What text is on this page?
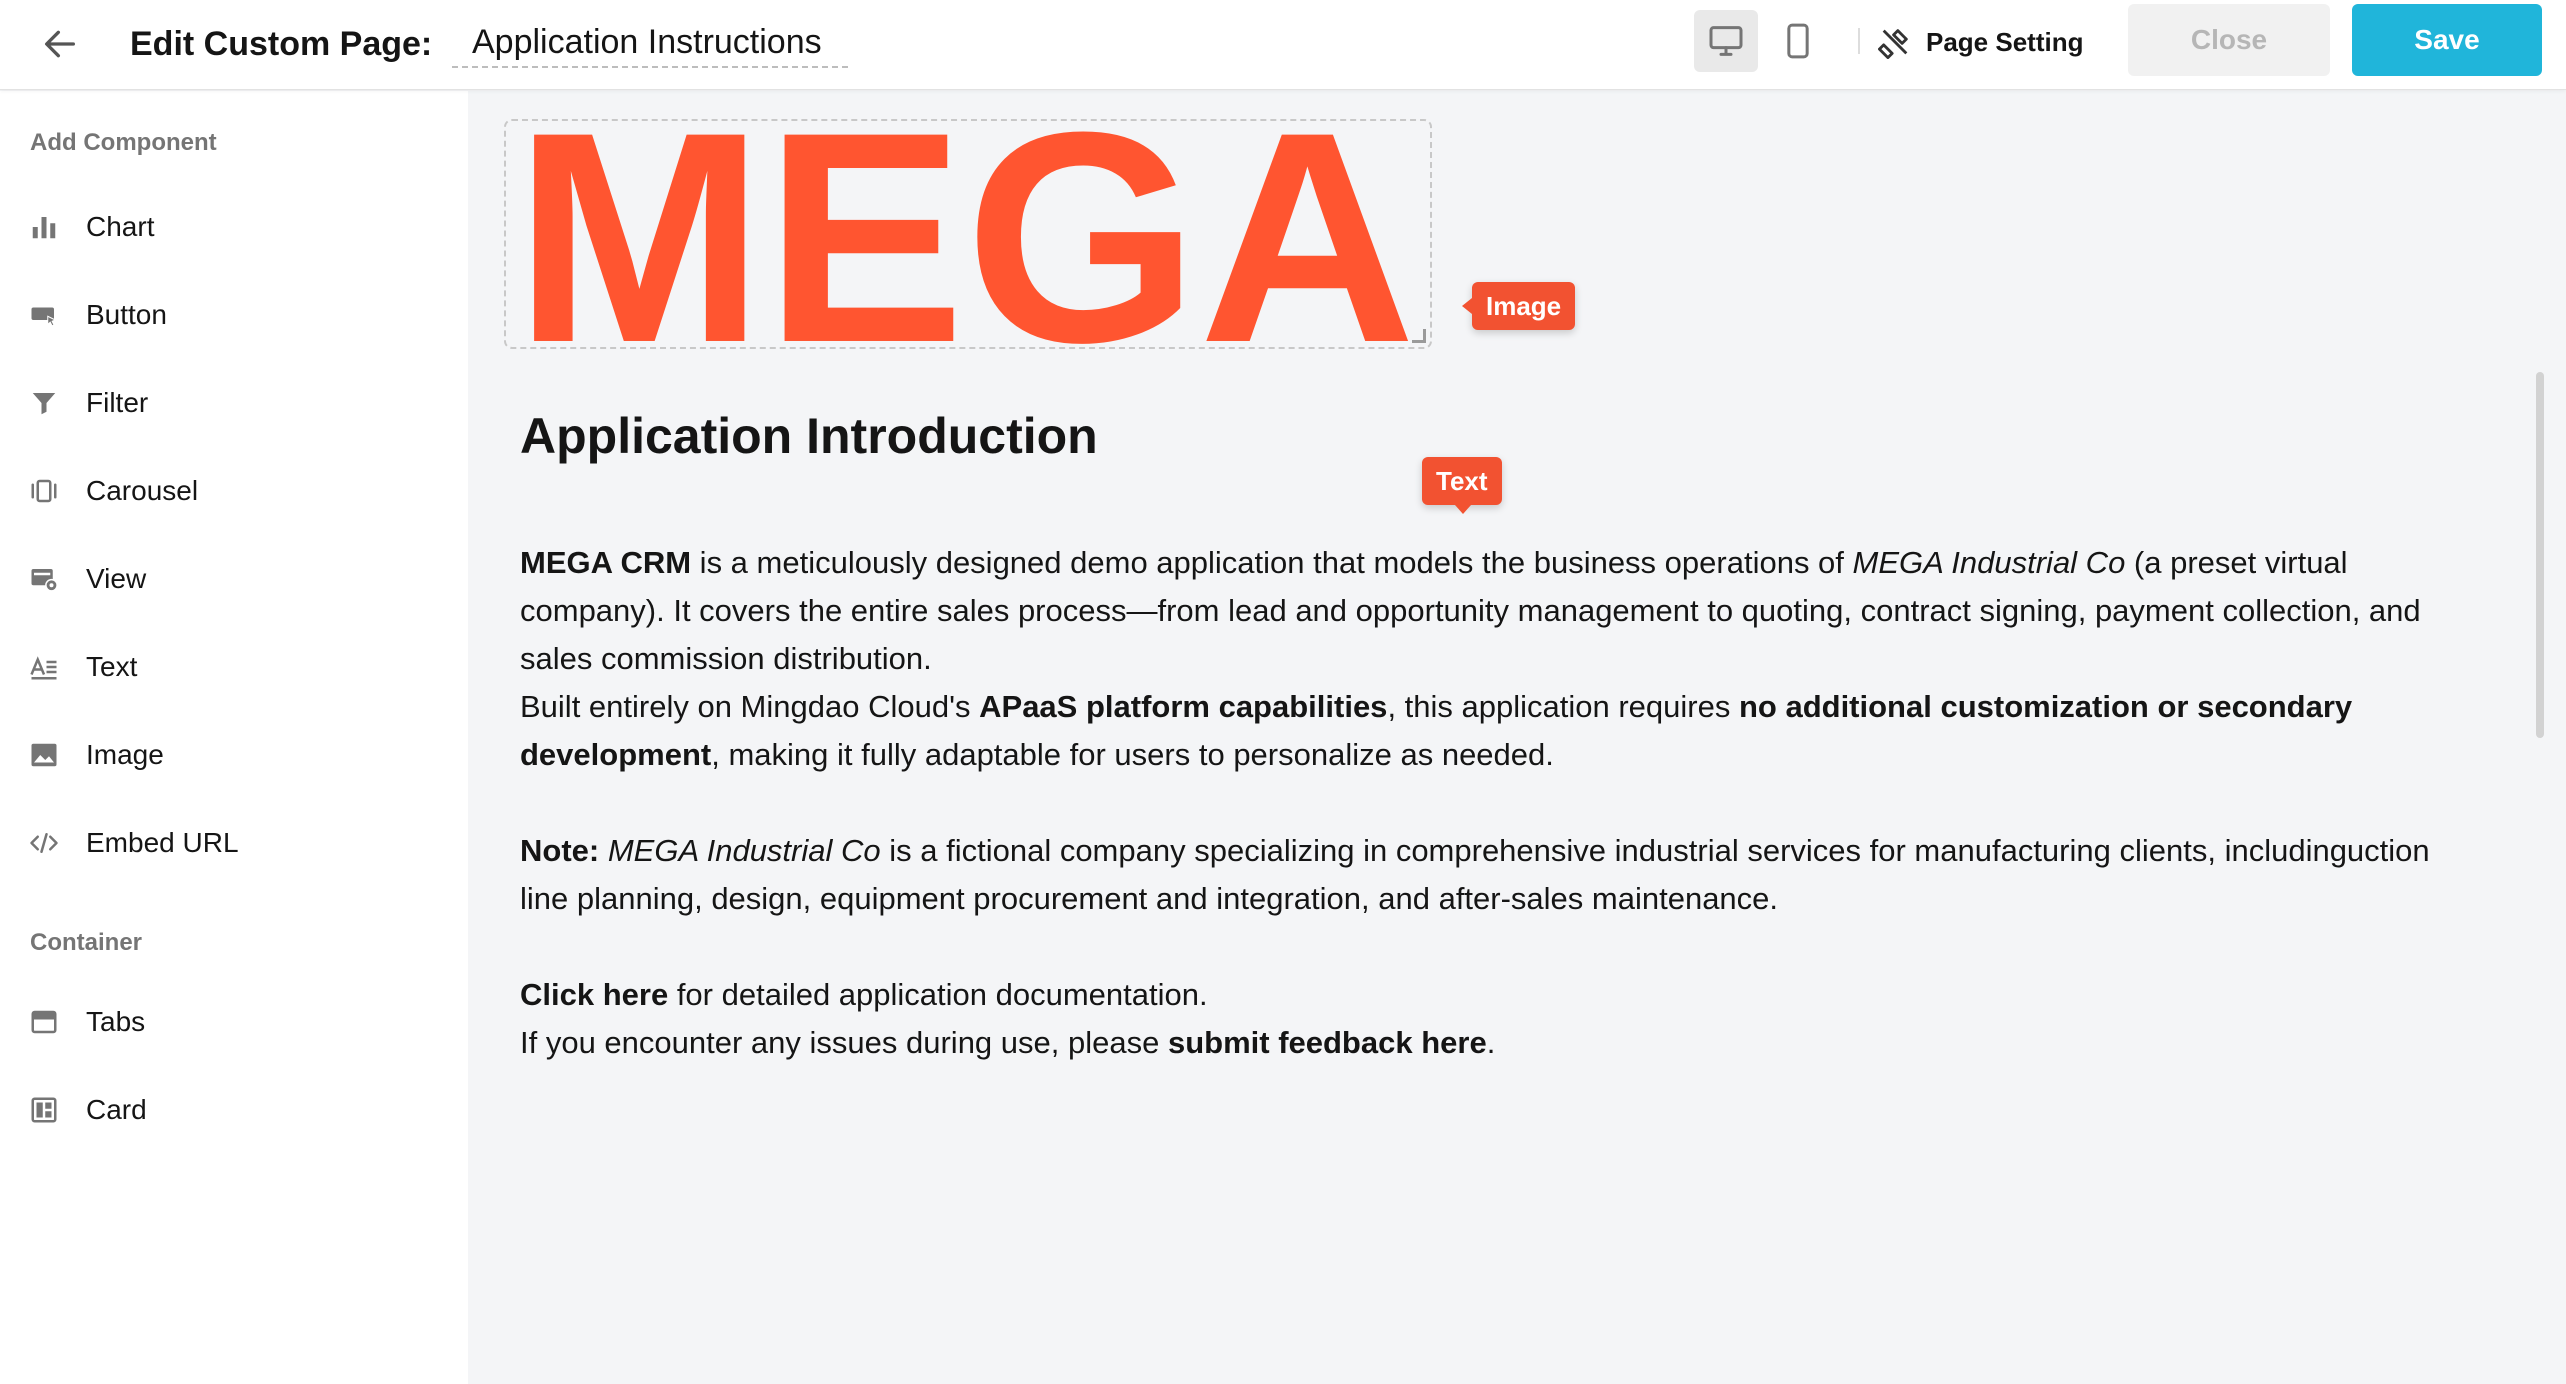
Edit Custom Page:	Application Instructions	Page Setting	Close	Save
Add Component
Chart
Button
Filter
Carousel
View
Text
Image
Embed URL
Container
Tabs
Card
MEGA	Image
Text
Application Introduction

MEGA CRM is a meticulously designed demo application that models the business operations of MEGA Industrial Co (a preset virtual company). It covers the entire sales process—from lead and opportunity management to quoting, contract signing, payment collection, and sales commission distribution.

Built entirely on Mingdao Cloud's APaaS platform capabilities, this application requires no additional customization or secondary development, making it fully adaptable for users to personalize as needed.

Note: MEGA Industrial Co is a fictional company specializing in comprehensive industrial services for manufacturing clients, includinguction line planning, design, equipment procurement and integration, and after-sales maintenance.

Click here for detailed application documentation.

If you encounter any issues during use, please submit feedback here.
